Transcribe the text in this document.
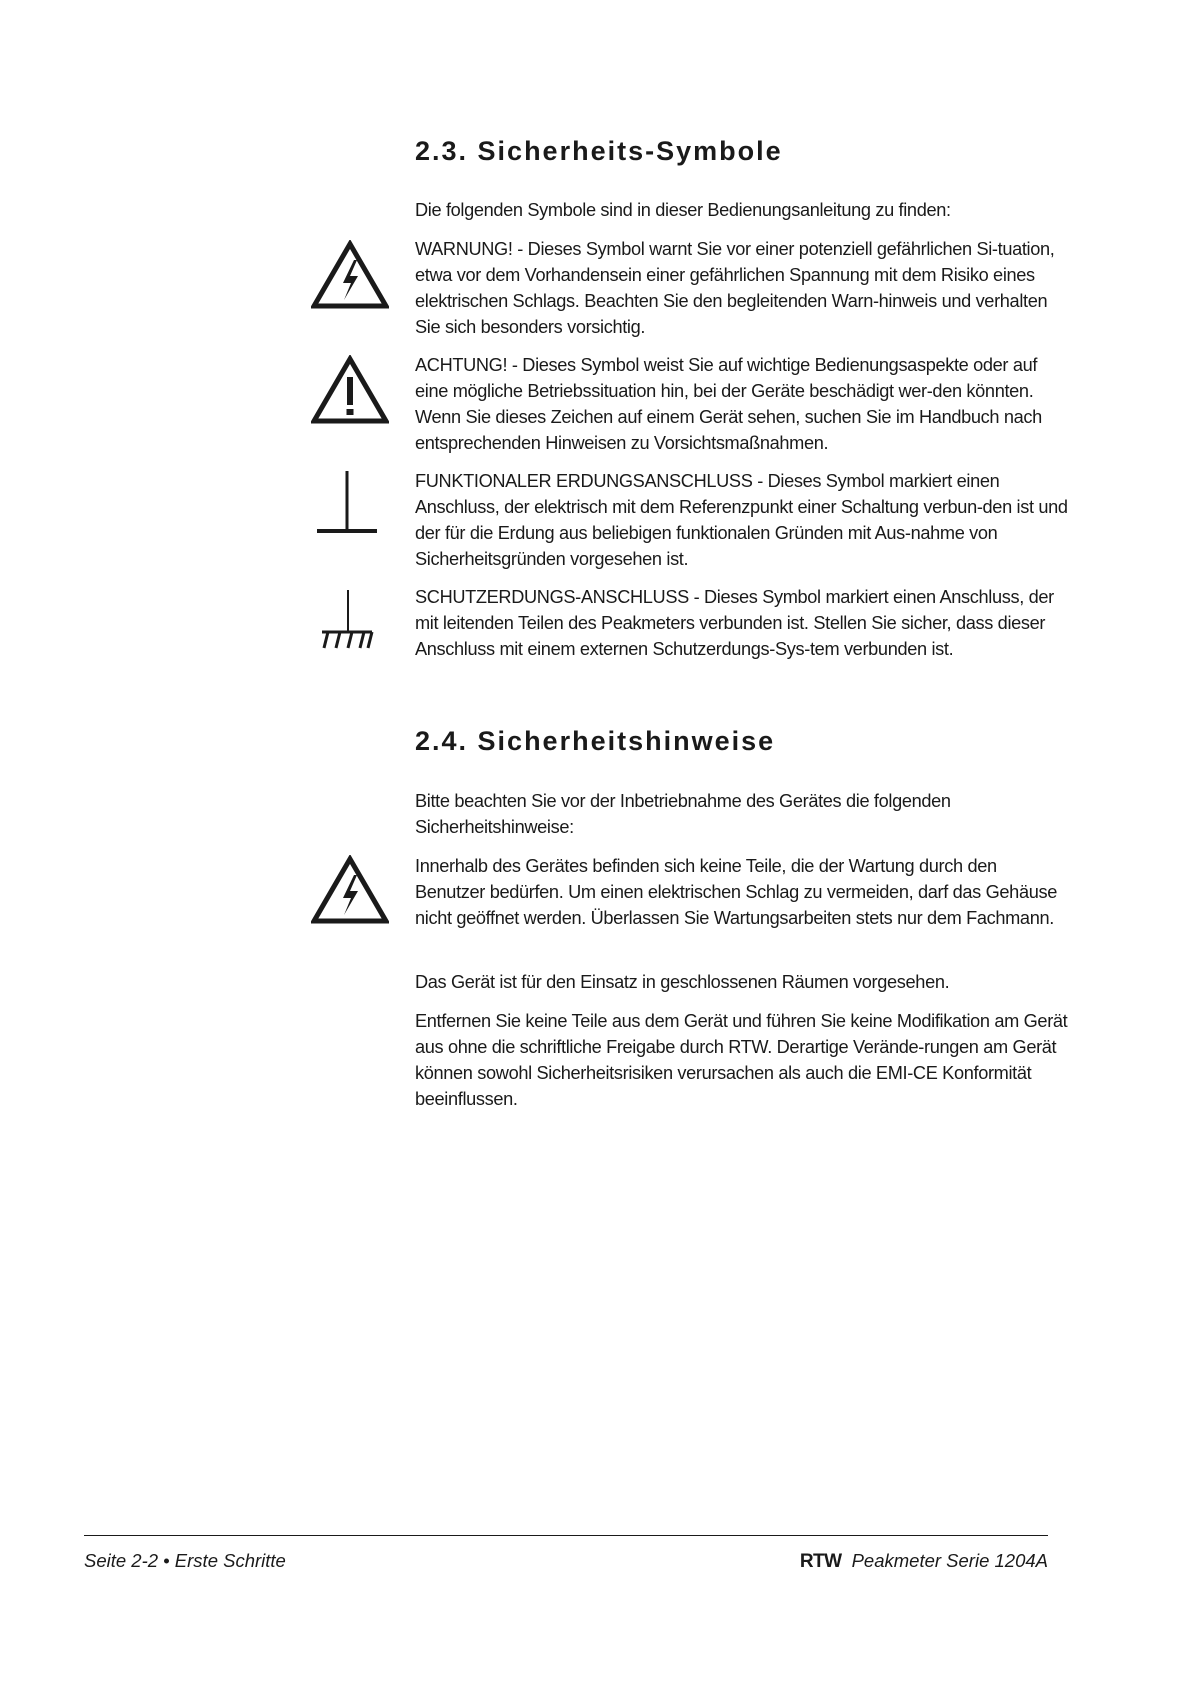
2.3. Sicherheits-Symbole

Die folgenden Symbole sind in dieser Bedienungsanleitung zu finden:

WARNUNG! - Dieses Symbol warnt Sie vor einer potenziell gefährlichen Si-tuation, etwa vor dem Vorhandensein einer gefährlichen Spannung mit dem Risiko eines elektrischen Schlags. Beachten Sie den begleitenden Warn-hinweis und verhalten Sie sich besonders vorsichtig.

ACHTUNG! - Dieses Symbol weist Sie auf wichtige Bedienungsaspekte oder auf eine mögliche Betriebssituation hin, bei der Geräte beschädigt wer-den könnten. Wenn Sie dieses Zeichen auf einem Gerät sehen, suchen Sie im Handbuch nach entsprechenden Hinweisen zu Vorsichtsmaßnahmen.

FUNKTIONALER ERDUNGSANSCHLUSS - Dieses Symbol markiert einen Anschluss, der elektrisch mit dem Referenzpunkt einer Schaltung verbun-den ist und der für die Erdung aus beliebigen funktionalen Gründen mit Aus-nahme von Sicherheitsgründen vorgesehen ist.

SCHUTZERDUNGS-ANSCHLUSS - Dieses Symbol markiert einen Anschluss, der mit leitenden Teilen des Peakmeters verbunden ist. Stellen Sie sicher, dass dieser Anschluss mit einem externen Schutzerdungs-Sys-tem verbunden ist.

2.4. Sicherheitshinweise

Bitte beachten Sie vor der Inbetriebnahme des Gerätes die folgenden Sicherheitshinweise:

Innerhalb des Gerätes befinden sich keine Teile, die der Wartung durch den Benutzer bedürfen. Um einen elektrischen Schlag zu vermeiden, darf das Gehäuse nicht geöffnet werden. Überlassen Sie Wartungsarbeiten stets nur dem Fachmann.

Das Gerät ist für den Einsatz in geschlossenen Räumen vorgesehen.

Entfernen Sie keine Teile aus dem Gerät und führen Sie keine Modifikation am Gerät aus ohne die schriftliche Freigabe durch RTW. Derartige Verände-rungen am Gerät können sowohl Sicherheitsrisiken verursachen als auch die EMI-CE Konformität beeinflussen.

Seite 2-2 • Erste Schritte	RTW Peakmeter Serie 1204A
